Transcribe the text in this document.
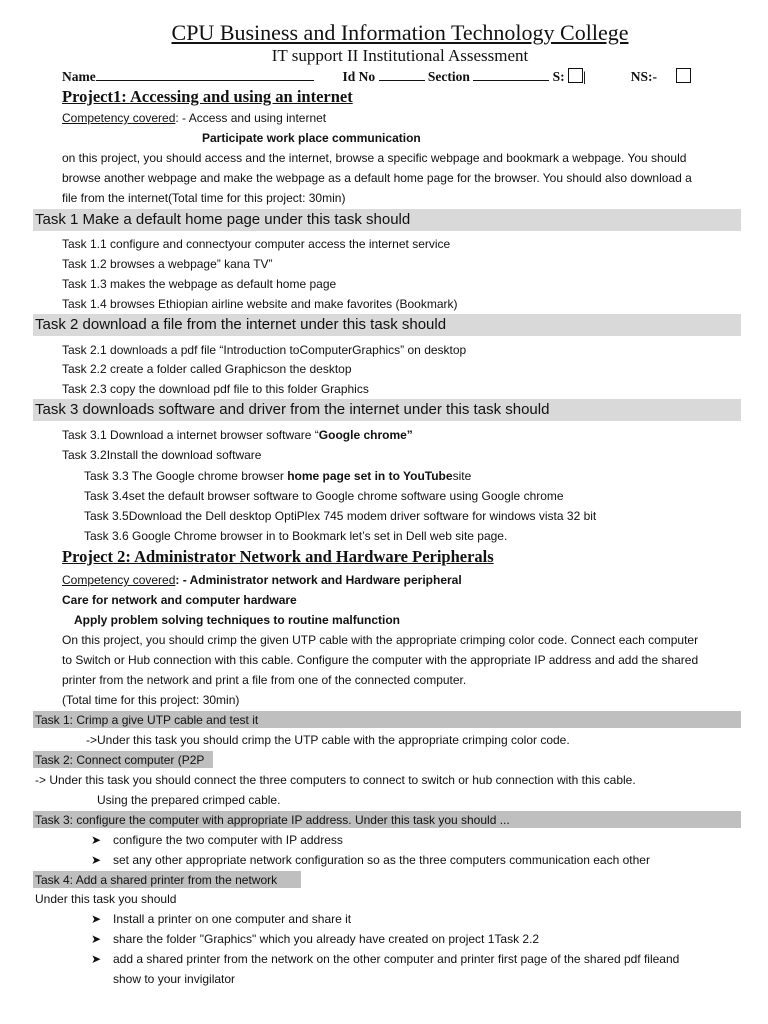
CPU Business and Information Technology College
IT support II Institutional Assessment
Name	Id No	Section	S: |	NS:-
Project1: Accessing and using an internet
Competency covered: - Access and using internet
Participate work place communication
on this project, you should access and the internet, browse a specific webpage and bookmark a webpage. You should
browse another webpage and make the webpage as a default home page for the browser. You should also download a
file from the internet(Total time for this project: 30min)
Task 1 Make a default home page under this task should
Task 1.1 configure and connectyour computer access the internet service
Task 1.2 browses a webpage” kana TV”
Task 1.3 makes the webpage as default home page
Task 1.4 browses Ethiopian airline website and make favorites (Bookmark)
Task 2 download a file from the internet under this task should
Task 2.1 downloads a pdf file “Introduction toComputerGraphics” on desktop
Task 2.2 create a folder called Graphicson the desktop
Task 2.3 copy the download pdf file to this folder Graphics
Task 3 downloads software and driver from the internet under this task should
Task 3.1 Download a internet browser software “Google chrome”
Task 3.2Install the download software
Task 3.3 The Google chrome browser home page set in to YouTubesite
Task 3.4set the default browser software to Google chrome software using Google chrome
Task 3.5Download the Dell desktop OptiPlex 745 modem driver software for windows vista 32 bit
Task 3.6 Google Chrome browser in to Bookmark let’s set in Dell web site page.
Project 2: Administrator Network and Hardware Peripherals
Competency covered: - Administrator network and Hardware peripheral
Care for network and computer hardware
Apply problem solving techniques to routine malfunction
On this project, you should crimp the given UTP cable with the appropriate crimping color code. Connect each computer
to Switch or Hub connection with this cable. Configure the computer with the appropriate IP address and add the shared
printer from the network and print a file from one of the connected computer.
(Total time for this project: 30min)
Task 1: Crimp a give UTP cable and test it
->Under this task you should crimp the UTP cable with the appropriate crimping color code.
Task 2: Connect computer (P2P
-> Under this task you should connect the three computers to connect to switch or hub connection with this cable.
Using the prepared crimped cable.
Task 3: configure the computer with appropriate IP address. Under this task you should ...
➤ configure the two computer with IP address
➤ set any other appropriate network configuration so as the three computers communication each other
Task 4: Add a shared printer from the network
Under this task you should
➤ Install a printer on one computer and share it
➤ share the folder "Graphics" which you already have created on project 1Task 2.2
➤ add a shared printer from the network on the other computer and printer first page of the shared pdf fileand
show to your invigilator
